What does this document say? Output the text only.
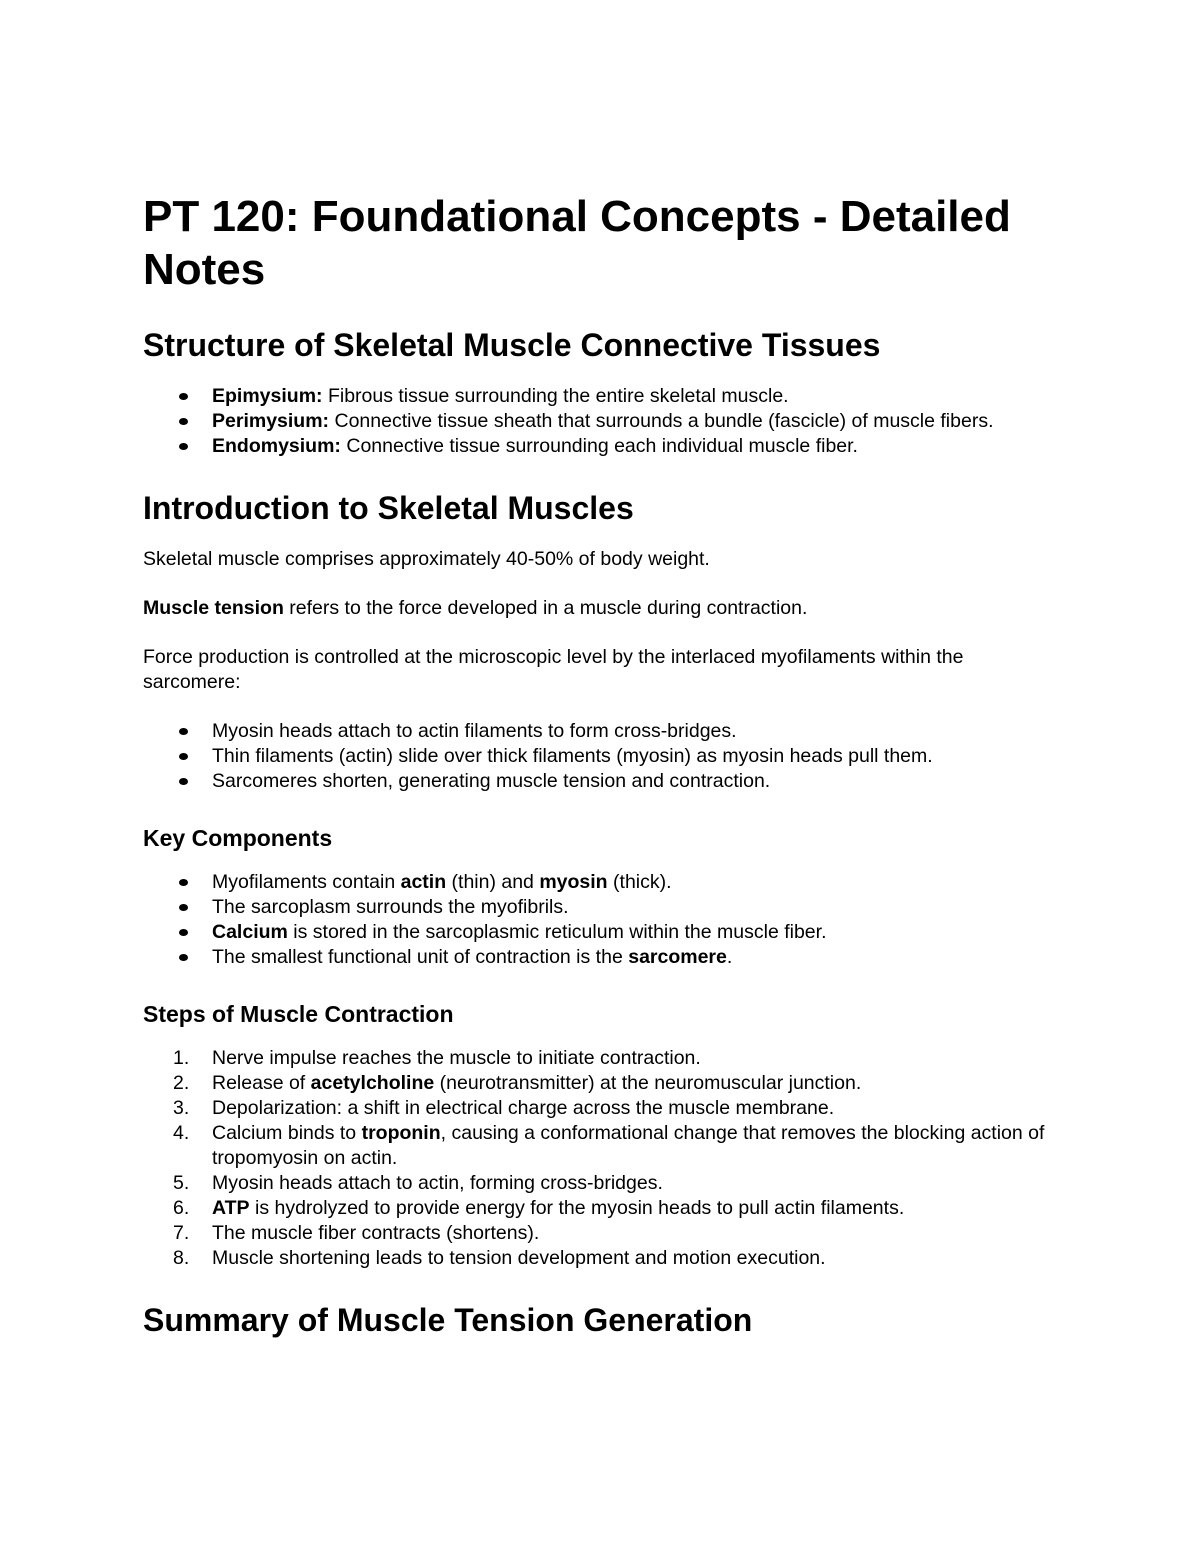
PT 120: Foundational Concepts - Detailed Notes
Structure of Skeletal Muscle Connective Tissues
Epimysium: Fibrous tissue surrounding the entire skeletal muscle.
Perimysium: Connective tissue sheath that surrounds a bundle (fascicle) of muscle fibers.
Endomysium: Connective tissue surrounding each individual muscle fiber.
Introduction to Skeletal Muscles

Skeletal muscle comprises approximately 40-50% of body weight.

Muscle tension refers to the force developed in a muscle during contraction.

Force production is controlled at the microscopic level by the interlaced myofilaments within the sarcomere:

Myosin heads attach to actin filaments to form cross-bridges.
Thin filaments (actin) slide over thick filaments (myosin) as myosin heads pull them.
Sarcomeres shorten, generating muscle tension and contraction.
Key Components
Myofilaments contain actin (thin) and myosin (thick).
The sarcoplasm surrounds the myofibrils.
Calcium is stored in the sarcoplasmic reticulum within the muscle fiber.
The smallest functional unit of contraction is the sarcomere.
Steps of Muscle Contraction
1.	Nerve impulse reaches the muscle to initiate contraction.
2.	Release of acetylcholine (neurotransmitter) at the neuromuscular junction.
3.	Depolarization: a shift in electrical charge across the muscle membrane.
4.	Calcium binds to troponin, causing a conformational change that removes the blocking action of tropomyosin on actin.
5.	Myosin heads attach to actin, forming cross-bridges.
6.	ATP is hydrolyzed to provide energy for the myosin heads to pull actin filaments.
7.	The muscle fiber contracts (shortens).
8.	Muscle shortening leads to tension development and motion execution.
Summary of Muscle Tension Generation
